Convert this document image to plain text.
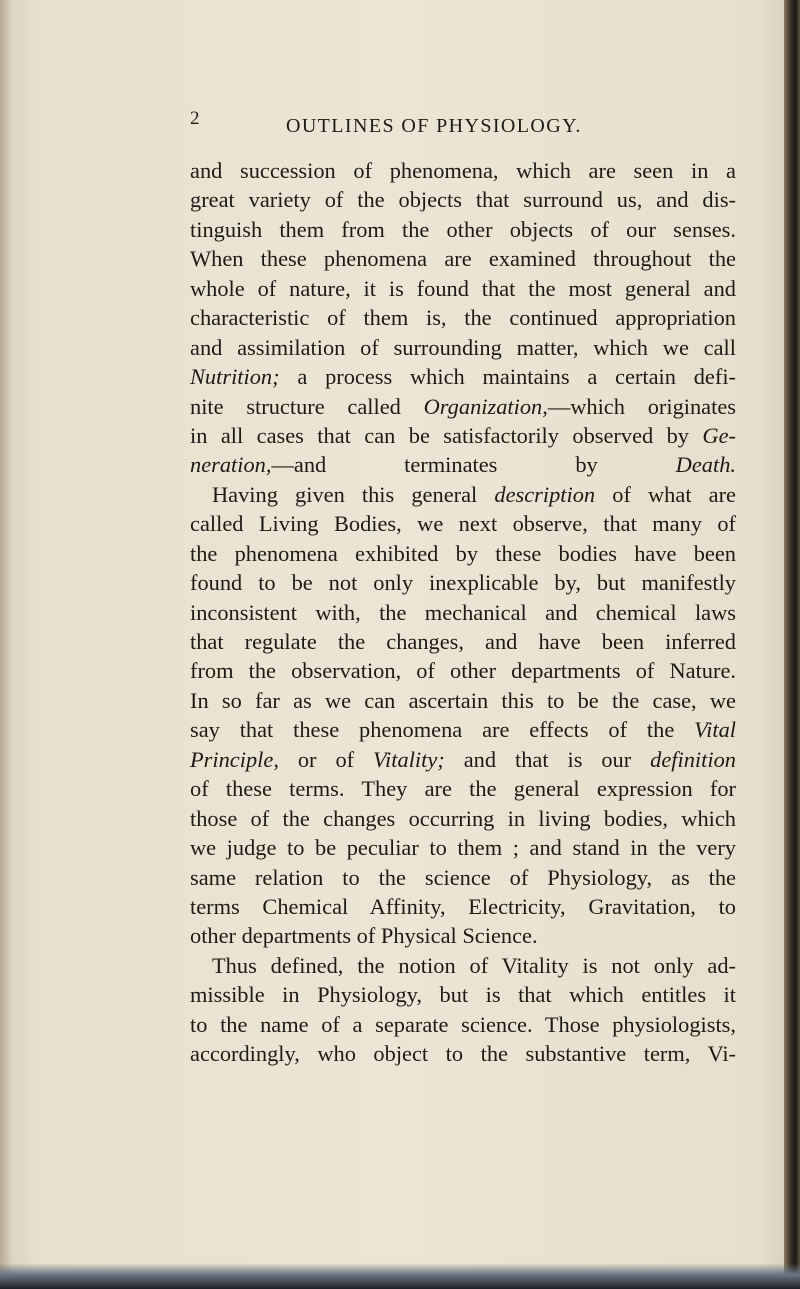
2	OUTLINES OF PHYSIOLOGY.
and succession of phenomena, which are seen in a
great variety of the objects that surround us, and dis-
tinguish them from the other objects of our senses.
When these phenomena are examined throughout the
whole of nature, it is found that the most general and
characteristic of them is, the continued appropriation
and assimilation of surrounding matter, which we call
Nutrition; a process which maintains a certain defi-
nite structure called Organization,—which originates
in all cases that can be satisfactorily observed by Ge-
neration,—and terminates by Death.
Having given this general description of what are
called Living Bodies, we next observe, that many of
the phenomena exhibited by these bodies have been
found to be not only inexplicable by, but manifestly
inconsistent with, the mechanical and chemical laws
that regulate the changes, and have been inferred
from the observation, of other departments of Nature.
In so far as we can ascertain this to be the case, we
say that these phenomena are effects of the Vital
Principle, or of Vitality; and that is our definition
of these terms. They are the general expression for
those of the changes occurring in living bodies, which
we judge to be peculiar to them ; and stand in the very
same relation to the science of Physiology, as the
terms Chemical Affinity, Electricity, Gravitation, to
other departments of Physical Science.
Thus defined, the notion of Vitality is not only ad-
missible in Physiology, but is that which entitles it
to the name of a separate science. Those physiologists,
accordingly, who object to the substantive term, Vi-
